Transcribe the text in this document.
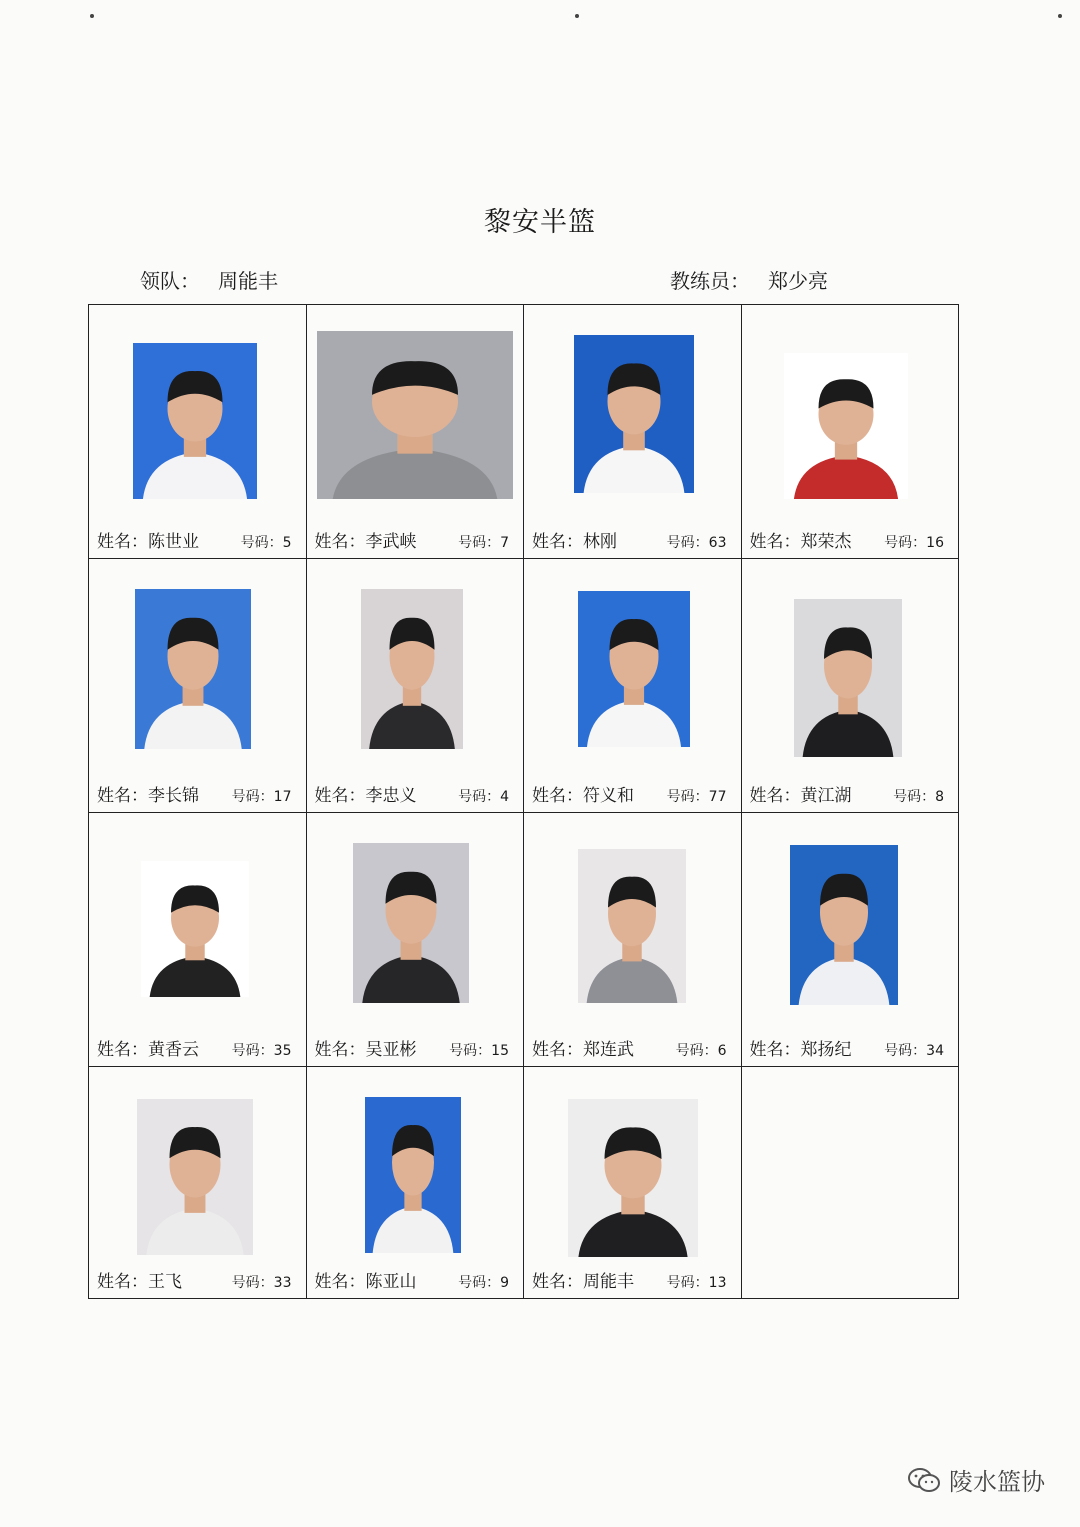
黎安半篮
领队： 周能丰	教练员： 郑少亮
姓名：陈世业	号码：5 姓名：李武峡	号码：7 姓名：林刚	号码：63 姓名：郑荣杰 号码：16
姓名：李长锦 号码：17 姓名：李忠义	号码：4 姓名：符义和 号码：77 姓名：黄江湖	号码：8
姓名：黄香云 号码：35 姓名：吴亚彬 号码：15 姓名：郑连武	号码：6 姓名：郑扬纪 号码：34
姓名：王飞	号码：33 姓名：陈亚山	号码：9 姓名：周能丰 号码：13
陵水篮协
